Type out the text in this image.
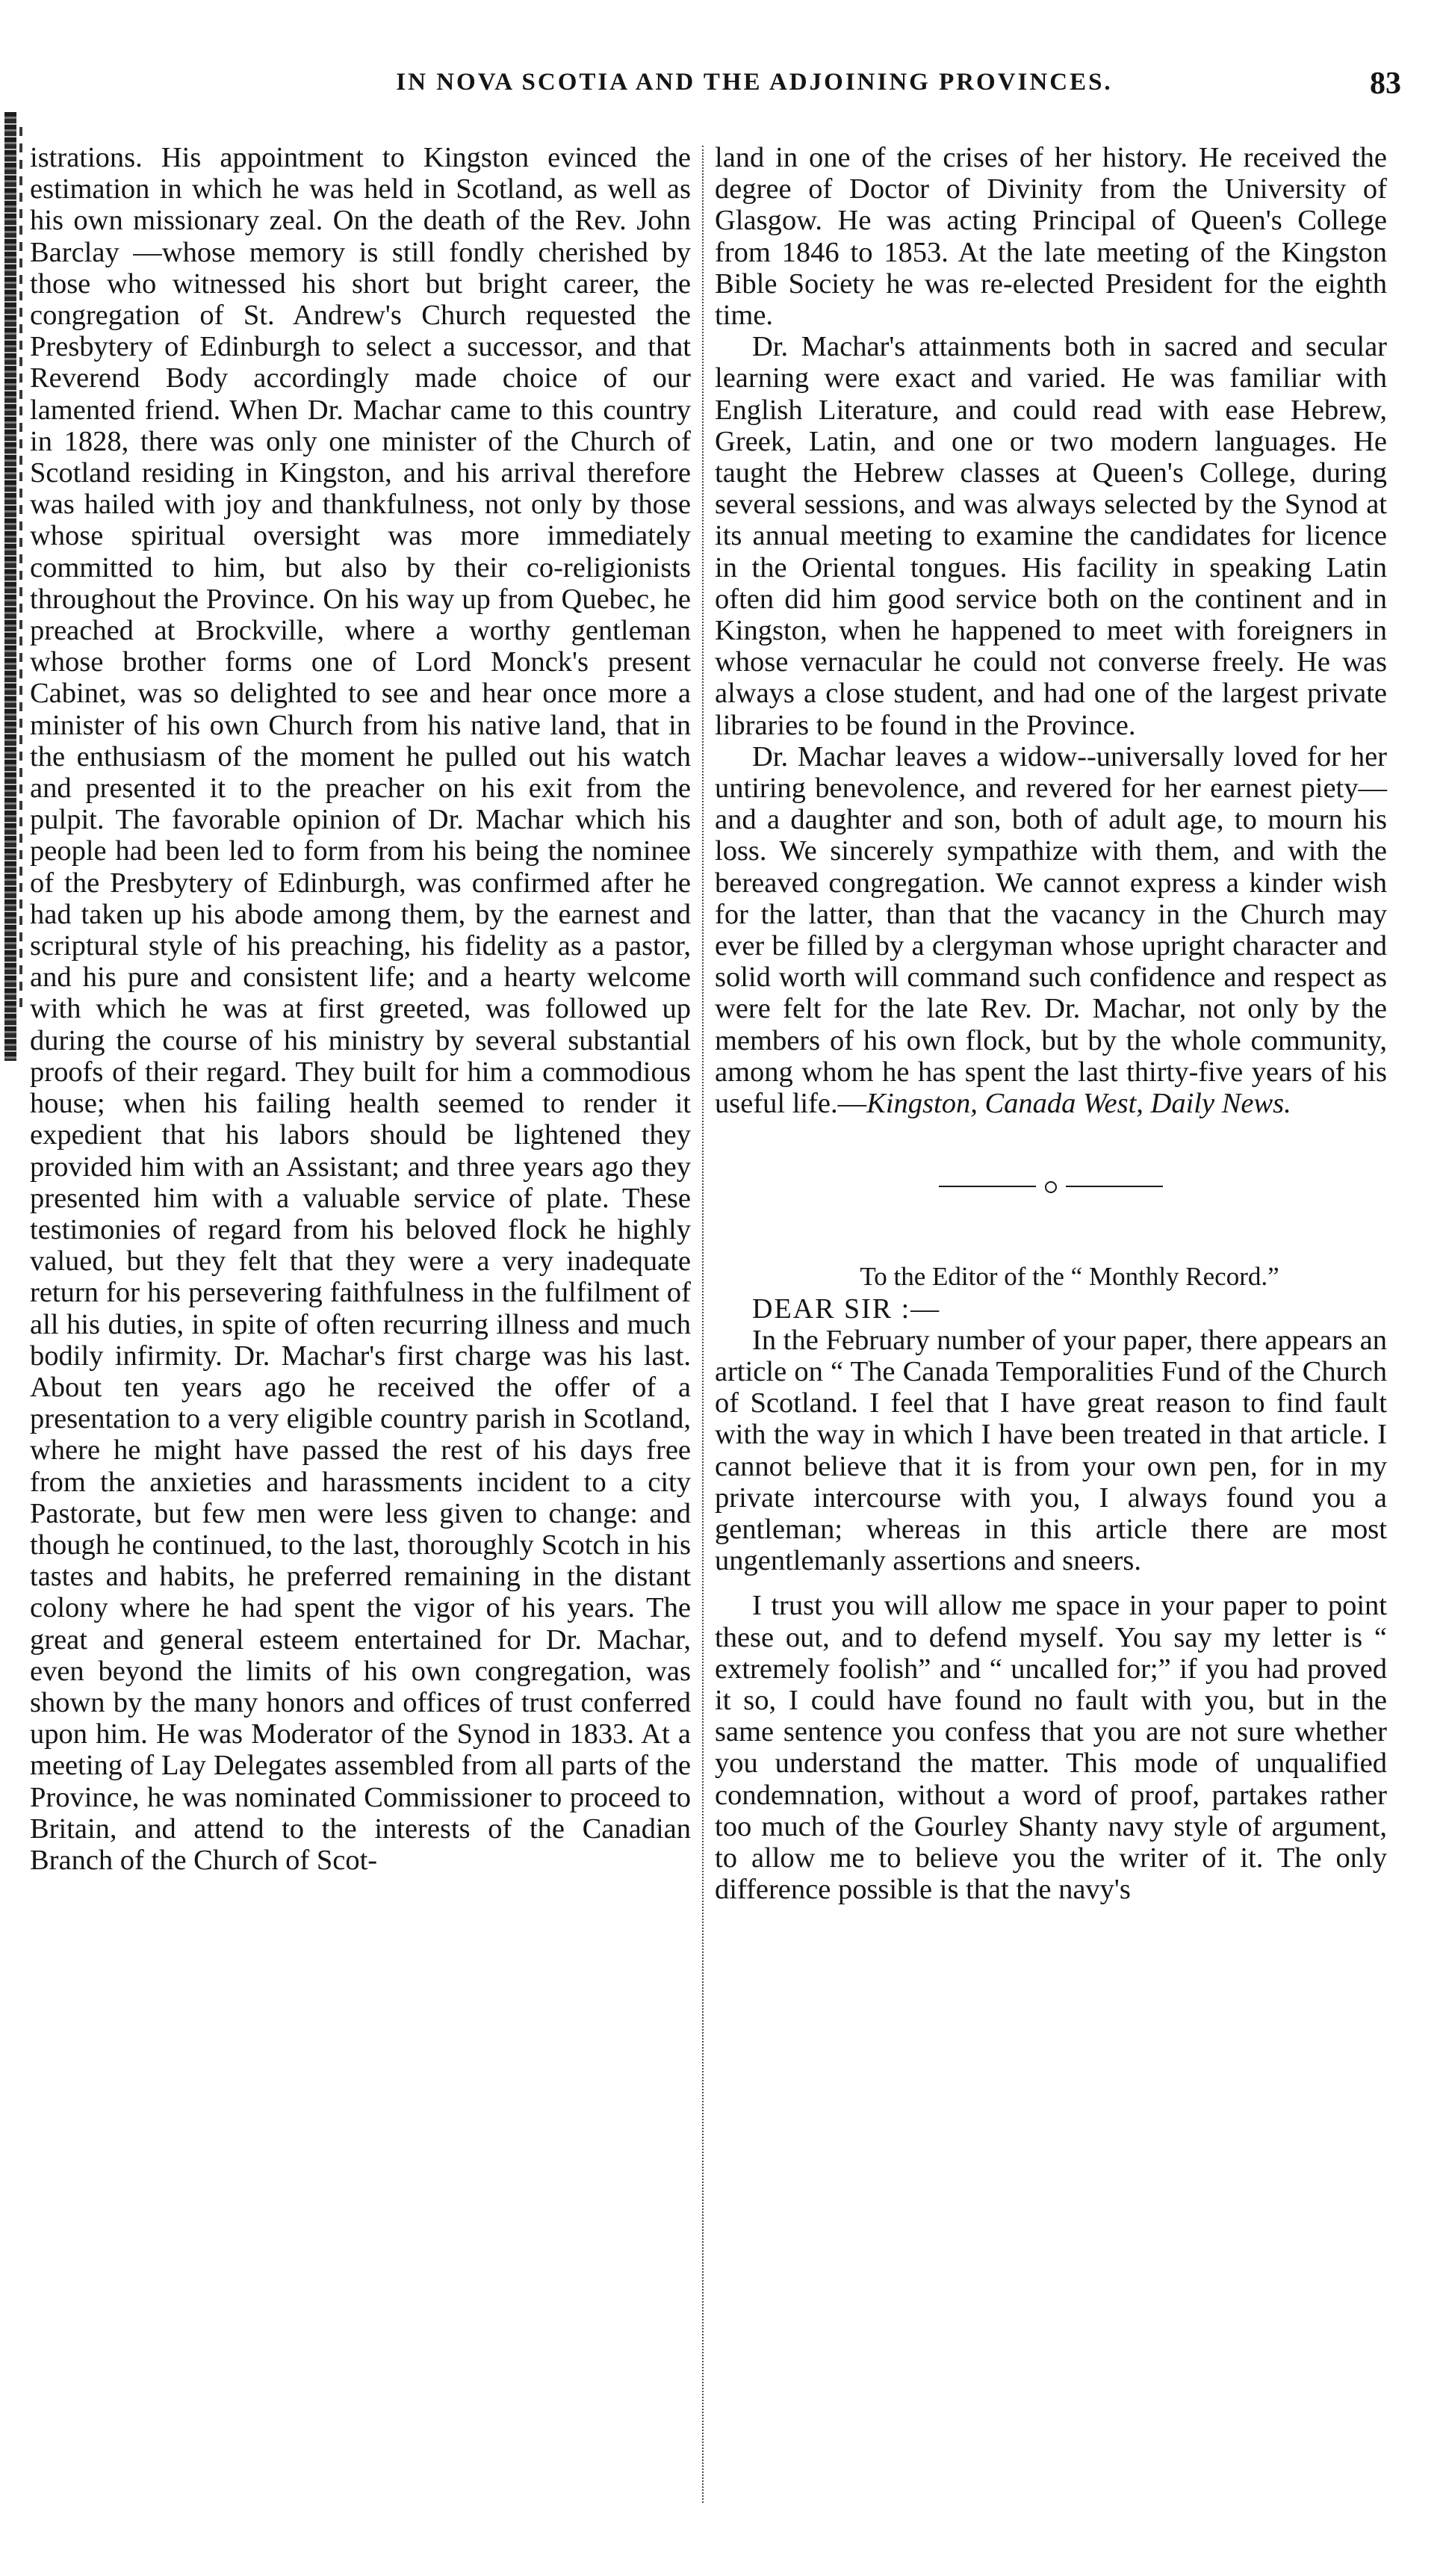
IN NOVA SCOTIA AND THE ADJOINING PROVINCES.	83

istrations. His appointment to Kingston evinced the estimation in which he was held in Scotland, as well as his own missionary zeal. On the death of the Rev. John Barclay —whose memory is still fondly cherished by those who witnessed his short but bright career, the congregation of St. Andrew's Church requested the Presbytery of Edinburgh to select a successor, and that Reverend Body accordingly made choice of our lamented friend. When Dr. Machar came to this country in 1828, there was only one minister of the Church of Scotland residing in Kingston, and his arrival therefore was hailed with joy and thankfulness, not only by those whose spiritual oversight was more immediately committed to him, but also by their co-religionists throughout the Province. On his way up from Quebec, he preached at Brockville, where a worthy gentleman whose brother forms one of Lord Monck's present Cabinet, was so delighted to see and hear once more a minister of his own Church from his native land, that in the enthusiasm of the moment he pulled out his watch and presented it to the preacher on his exit from the pulpit. The favorable opinion of Dr. Machar which his people had been led to form from his being the nominee of the Presbytery of Edinburgh, was confirmed after he had taken up his abode among them, by the earnest and scriptural style of his preaching, his fidelity as a pastor, and his pure and consistent life; and a hearty welcome with which he was at first greeted, was followed up during the course of his ministry by several substantial proofs of their regard. They built for him a commodious house; when his failing health seemed to render it expedient that his labors should be lightened they provided him with an Assistant; and three years ago they presented him with a valuable service of plate. These testimonies of regard from his beloved flock he highly valued, but they felt that they were a very inadequate return for his persevering faithfulness in the fulfilment of all his duties, in spite of often recurring illness and much bodily infirmity. Dr. Machar's first charge was his last. About ten years ago he received the offer of a presentation to a very eligible country parish in Scotland, where he might have passed the rest of his days free from the anxieties and harassments incident to a city Pastorate, but few men were less given to change: and though he continued, to the last, thoroughly Scotch in his tastes and habits, he preferred remaining in the distant colony where he had spent the vigor of his years. The great and general esteem entertained for Dr. Machar, even beyond the limits of his own congregation, was shown by the many honors and offices of trust conferred upon him. He was Moderator of the Synod in 1833. At a meeting of Lay Delegates assembled from all parts of the Province, he was nominated Commissioner to proceed to Britain, and attend to the interests of the Canadian Branch of the Church of Scot-

land in one of the crises of her history. He received the degree of Doctor of Divinity from the University of Glasgow. He was acting Principal of Queen's College from 1846 to 1853. At the late meeting of the Kingston Bible Society he was re-elected President for the eighth time.

Dr. Machar's attainments both in sacred and secular learning were exact and varied. He was familiar with English Literature, and could read with ease Hebrew, Greek, Latin, and one or two modern languages. He taught the Hebrew classes at Queen's College, during several sessions, and was always selected by the Synod at its annual meeting to examine the candidates for licence in the Oriental tongues. His facility in speaking Latin often did him good service both on the continent and in Kingston, when he happened to meet with foreigners in whose vernacular he could not converse freely. He was always a close student, and had one of the largest private libraries to be found in the Province.

Dr. Machar leaves a widow--universally loved for her untiring benevolence, and revered for her earnest piety—and a daughter and son, both of adult age, to mourn his loss. We sincerely sympathize with them, and with the bereaved congregation. We cannot express a kinder wish for the latter, than that the vacancy in the Church may ever be filled by a clergyman whose upright character and solid worth will command such confidence and respect as were felt for the late Rev. Dr. Machar, not only by the members of his own flock, but by the whole community, among whom he has spent the last thirty-five years of his useful life.—Kingston, Canada West, Daily News.

To the Editor of the “ Monthly Record.”

DEAR SIR :—

In the February number of your paper, there appears an article on “ The Canada Temporalities Fund of the Church of Scotland. I feel that I have great reason to find fault with the way in which I have been treated in that article. I cannot believe that it is from your own pen, for in my private intercourse with you, I always found you a gentleman; whereas in this article there are most ungentlemanly assertions and sneers.

I trust you will allow me space in your paper to point these out, and to defend myself. You say my letter is “ extremely foolish” and “ uncalled for;” if you had proved it so, I could have found no fault with you, but in the same sentence you confess that you are not sure whether you understand the matter. This mode of unqualified condemnation, without a word of proof, partakes rather too much of the Gourley Shanty navy style of argument, to allow me to believe you the writer of it. The only difference possible is that the navy's
